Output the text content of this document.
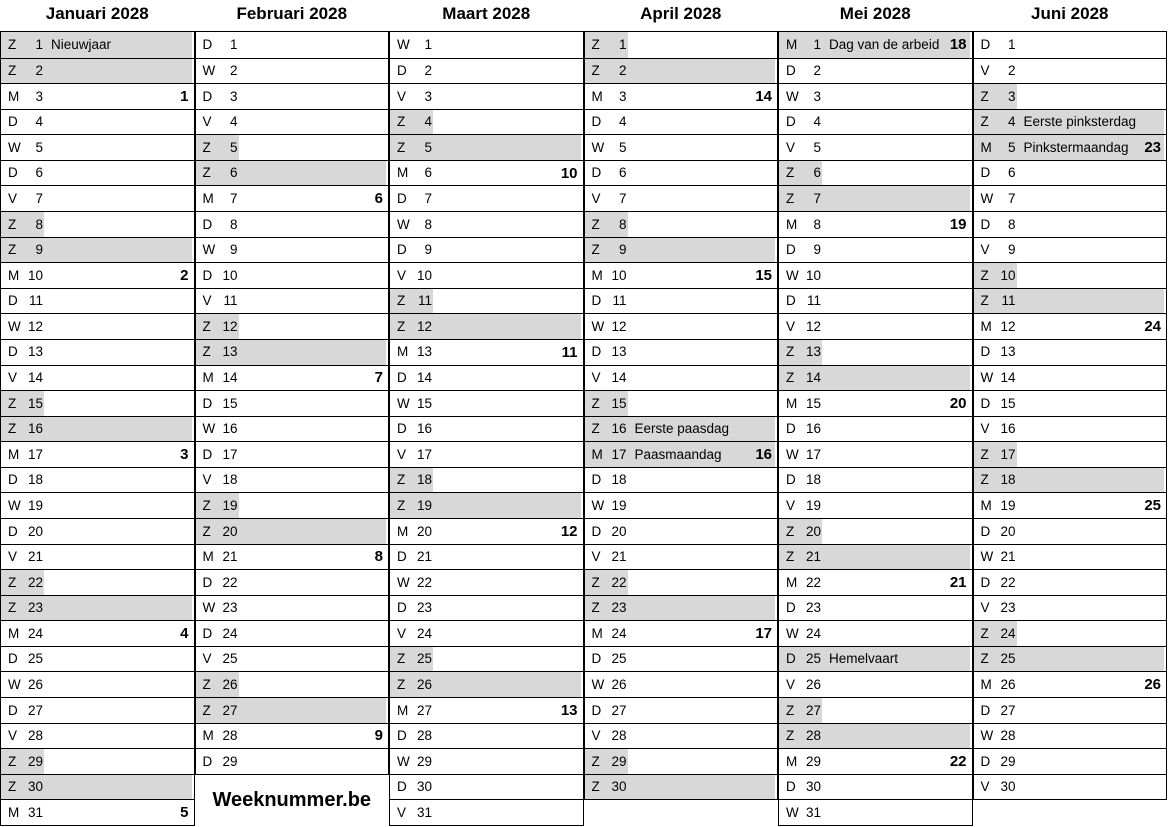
Januari 2028
Z	1 Nieuwjaar
Z	2
M	3	1
D	4
W	5
D	6
V	7
Z	8
Z	9
M 10	2
D 11
W 12
D 13
V 14
Z 15
Z 16
M 17	3
D 18
W 19
D 20
V 21
Z 22
Z 23
M 24	4
D 25
W 26
D 27
V 28
Z 29
Z 30
M 31	5
Februari 2028
D	1
W	2
D	3
V	4
Z	5
Z	6
M	7	6
D	8
W	9
D 10
V 11
Z 12
Z 13
M 14	7
D 15
W 16
D 17
V 18
Z 19
Z 20
M 21	8
D 22
W 23
D 24
V 25
Z 26
Z 27
M 28	9
D 29
Maart 2028
W	1
D	2
V	3
Z	4
Z	5
M	6	10
D	7
W	8
D	9
V 10
Z 11
Z 12
M 13	11
D 14
W 15
D 16
V 17
Z 18
Z 19
M 20	12
D 21
W 22
D 23
V 24
Z 25
Z 26
M 27	13
D 28
W 29
D 30
V 31
April 2028
Z	1
Z	2
M	3	14
D	4
W	5
D	6
V	7
Z	8
Z	9
M 10	15
D 11
W 12
D 13
V 14
Z 15
Z 16 Eerste paasdag
M 17 Paasmaandag 16
D 18
W 19
D 20
V 21
Z 22
Z 23
M 24	17
D 25
W 26
D 27
V 28
Z 29
Z 30
Mei 2028
M	1 Dag van de arbeid 18
D	2
W	3
D	4
V	5
Z	6
Z	7
M	8	19
D	9
W 10
D 11
V 12
Z 13
Z 14
M 15	20
D 16
W 17
D 18
V 19
Z 20
Z 21
M 22	21
D 23
W 24
D 25 Hemelvaart
V 26
Z 27
Z 28
M 29	22
D 30
W 31
Juni 2028
D	1
V	2
Z	3
Z	4 Eerste pinksterdag
M	5 Pinkstermaandag 23
D	6
W	7
D	8
V	9
Z 10
Z 11
M 12	24
D 13
W 14
D 15
V 16
Z 17
Z 18
M 19	25
D 20
W 21
D 22
V 23
Z 24
Z 25
M 26	26
D 27
W 28
D 29
V 30
Weeknummer.be
